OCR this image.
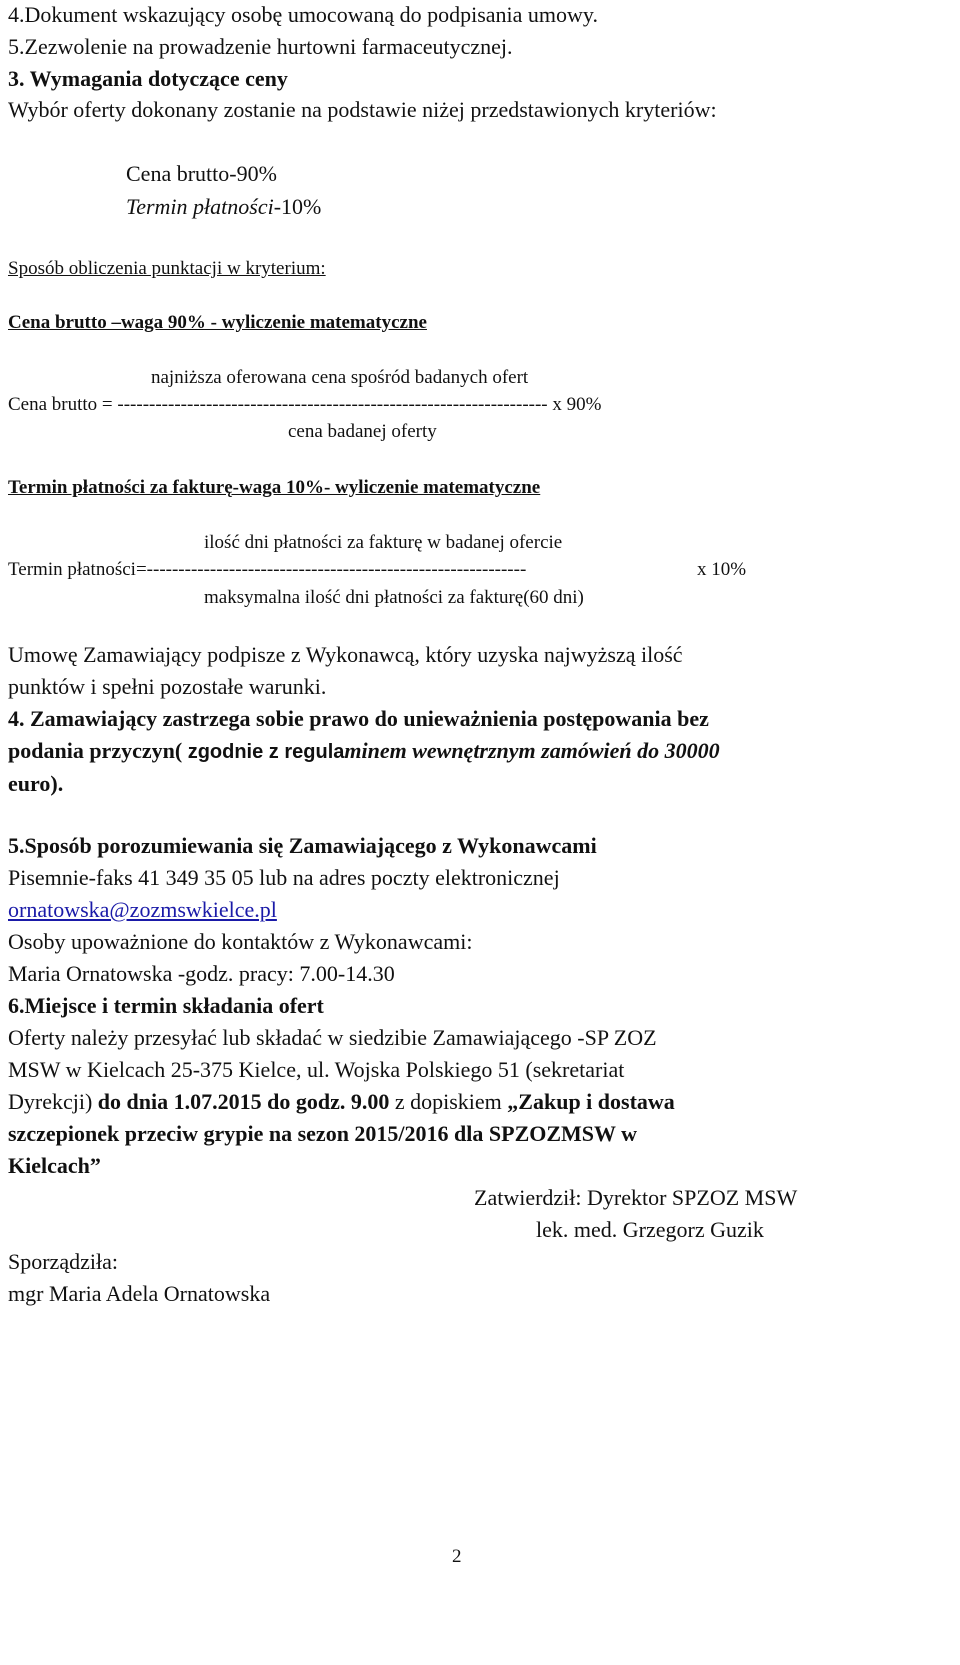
4.Dokument wskazujący osobę umocowaną do podpisania umowy.
5.Zezwolenie na prowadzenie hurtowni farmaceutycznej.
3. Wymagania dotyczące ceny
Wybór oferty dokonany zostanie na podstawie niżej przedstawionych kryteriów:
Cena brutto-90%
Termin płatności-10%
Sposób obliczenia punktacji w kryterium:
Cena brutto –waga 90% - wyliczenie matematyczne
najniższa oferowana cena spośród badanych ofert
Cena brutto = -------------------------------------------------------------------- x 90%
cena badanej oferty
Termin płatności za fakturę-waga 10%- wyliczenie matematyczne
ilość dni płatności za fakturę w badanej ofercie
Termin płatności=------------------------------------------------------------	x 10%
maksymalna ilość dni płatności za fakturę(60 dni)
Umowę Zamawiający podpisze z Wykonawcą, który uzyska najwyższą ilość
punktów i spełni pozostałe warunki.
4. Zamawiający zastrzega sobie prawo do unieważnienia postępowania bez
podania przyczyn( zgodnie z regulaminem wewnętrznym zamówień do 30000
euro).
5.Sposób porozumiewania się Zamawiającego z Wykonawcami
Pisemnie-faks 41 349 35 05 lub na adres poczty elektronicznej
ornatowska@zozmswkielce.pl
Osoby upoważnione do kontaktów z Wykonawcami:
Maria Ornatowska -godz. pracy: 7.00-14.30
6.Miejsce i termin składania ofert
Oferty należy przesyłać lub składać w siedzibie Zamawiającego -SP ZOZ
MSW w Kielcach 25-375 Kielce, ul. Wojska Polskiego 51 (sekretariat
Dyrekcji) do dnia 1.07.2015 do godz. 9.00 z dopiskiem „Zakup i dostawa
szczepionek przeciw grypie na sezon 2015/2016 dla SPZOZMSW w
Kielcach”
Zatwierdził: Dyrektor SPZOZ MSW
lek. med. Grzegorz Guzik
Sporządziła:
mgr Maria Adela Ornatowska
2
